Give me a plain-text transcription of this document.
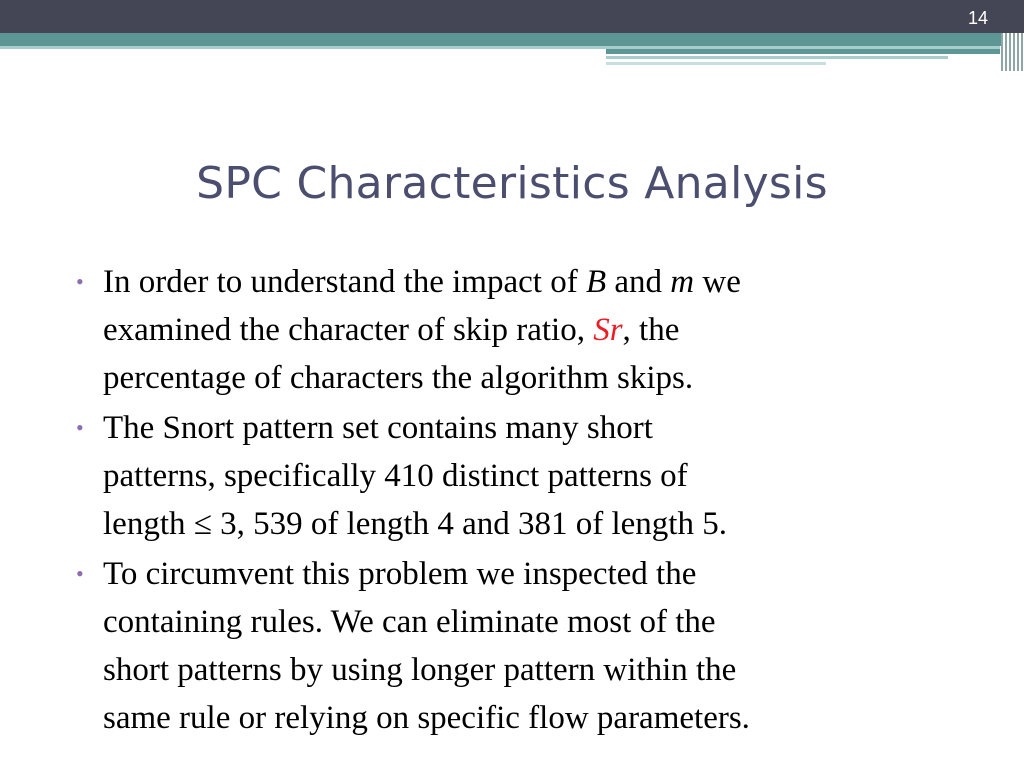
14
SPC Characteristics Analysis
• In order to understand the impact of B and m we
examined the character of skip ratio, Sr, the
percentage of characters the algorithm skips.
• The Snort pattern set contains many short
patterns, specifically 410 distinct patterns of
length ≤ 3, 539 of length 4 and 381 of length 5.
• To circumvent this problem we inspected the
containing rules. We can eliminate most of the
short patterns by using longer pattern within the
same rule or relying on specific flow parameters.
